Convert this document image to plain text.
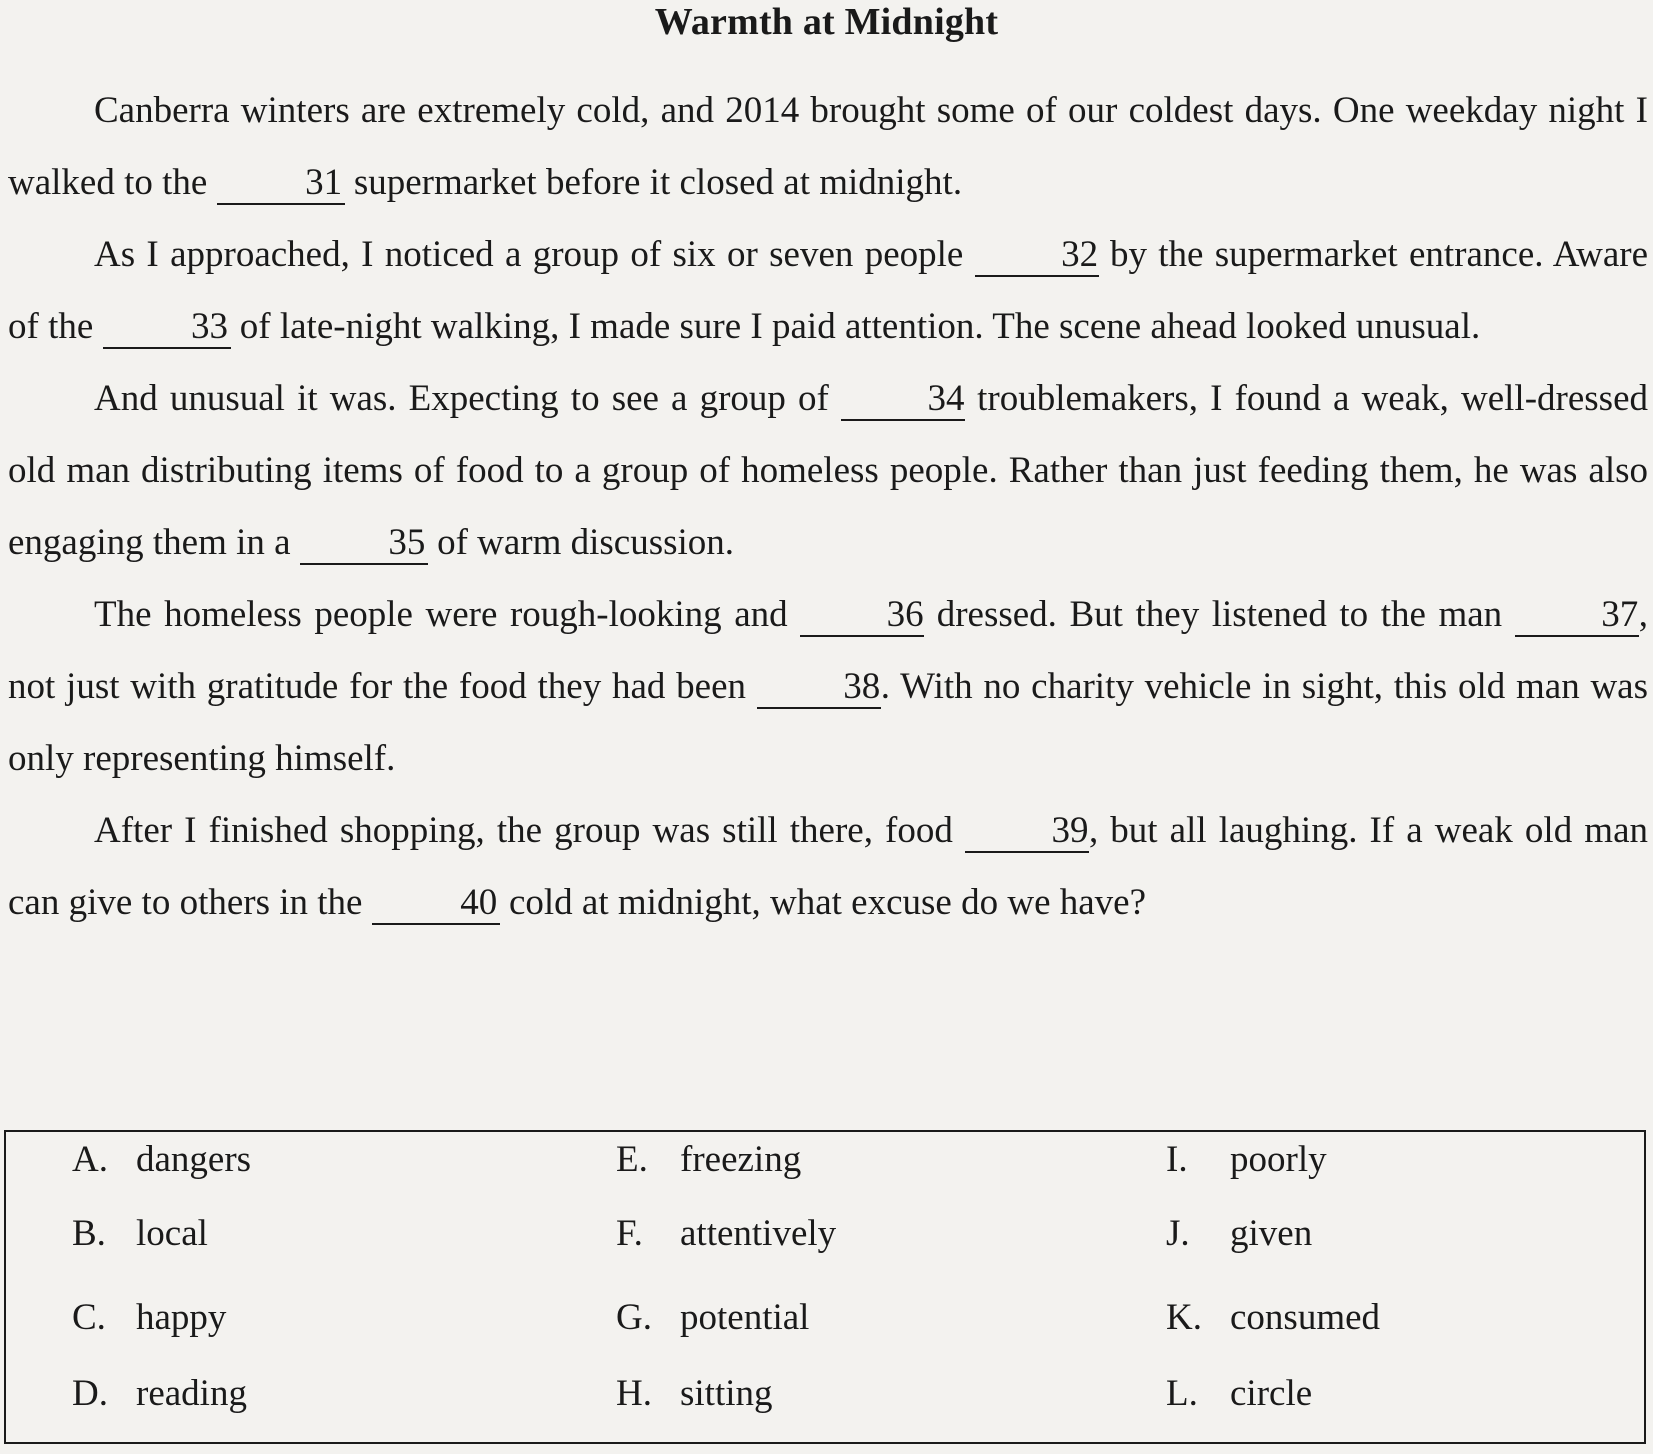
Warmth at Midnight

Canberra winters are extremely cold, and 2014 brought some of our coldest days. One weekday night I walked to the 31 supermarket before it closed at midnight.

As I approached, I noticed a group of six or seven people 32 by the supermarket entrance. Aware of the 33 of late-night walking, I made sure I paid attention. The scene ahead looked unusual.

And unusual it was. Expecting to see a group of 34 troublemakers, I found a weak, well-dressed old man distributing items of food to a group of homeless people. Rather than just feeding them, he was also engaging them in a 35 of warm discussion.

The homeless people were rough-looking and 36 dressed. But they listened to the man 37, not just with gratitude for the food they had been 38. With no charity vehicle in sight, this old man was only representing himself.

After I finished shopping, the group was still there, food 39, but all laughing. If a weak old man can give to others in the 40 cold at midnight, what excuse do we have?

A. dangers
B. local
C. happy
D. reading
E. freezing
F. attentively
G. potential
H. sitting
I. poorly
J. given
K. consumed
L. circle
